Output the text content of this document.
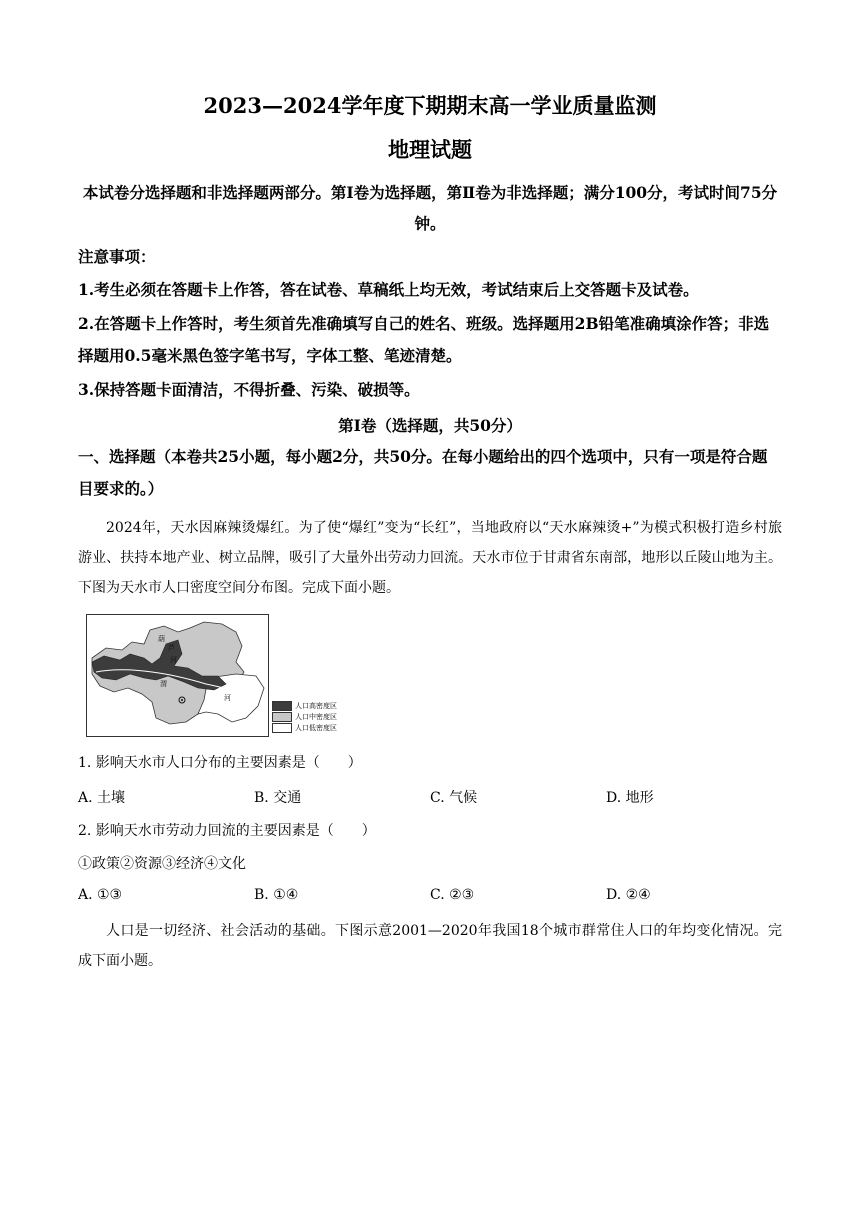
2023—2024学年度下期期末高一学业质量监测
地理试题
本试卷分选择题和非选择题两部分。第Ⅰ卷为选择题，第Ⅱ卷为非选择题；满分100分，考试时间75分钟。
注意事项：
1.考生必须在答题卡上作答，答在试卷、草稿纸上均无效，考试结束后上交答题卡及试卷。
2.在答题卡上作答时，考生须首先准确填写自己的姓名、班级。选择题用2B铅笔准确填涂作答；非选择题用0.5毫米黑色签字笔书写，字体工整、笔迹清楚。
3.保持答题卡面清洁，不得折叠、污染、破损等。
第Ⅰ卷（选择题，共50分）
一、选择题（本卷共25小题，每小题2分，共50分。在每小题给出的四个选项中，只有一项是符合题目要求的。）
2024年，天水因麻辣烫爆红。为了使“爆红”变为“长红”，当地政府以“天水麻辣烫+”为模式积极打造乡村旅游业、扶持本地产业、树立品牌，吸引了大量外出劳动力回流。天水市位于甘肃省东南部，地形以丘陵山地为主。下图为天水市人口密度空间分布图。完成下面小题。
葫
芦
河
渭
河
人口高密度区
人口中密度区
人口低密度区
1. 影响天水市人口分布的主要因素是（　　）
A. 土壤	B. 交通	C. 气候	D. 地形
2. 影响天水市劳动力回流的主要因素是（　　）
①政策②资源③经济④文化
A. ①③	B. ①④	C. ②③	D. ②④
人口是一切经济、社会活动的基础。下图示意2001—2020年我国18个城市群常住人口的年均变化情况。完成下面小题。
